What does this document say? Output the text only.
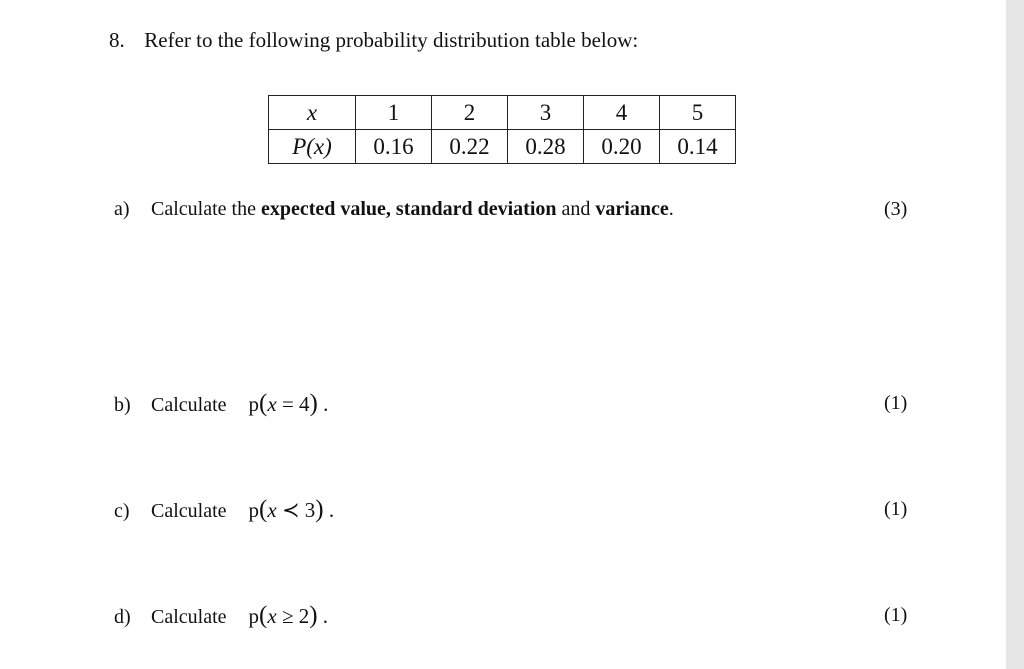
8. Refer to the following probability distribution table below:
x	1	2	3	4	5
P(x)	0.16	0.22	0.28	0.20	0.14
a) Calculate the expected value, standard deviation and variance.	(3)
b) Calculate p(x = 4) .	(1)
c) Calculate p(x ≺ 3) .	(1)
d) Calculate p(x ≥ 2) .	(1)
